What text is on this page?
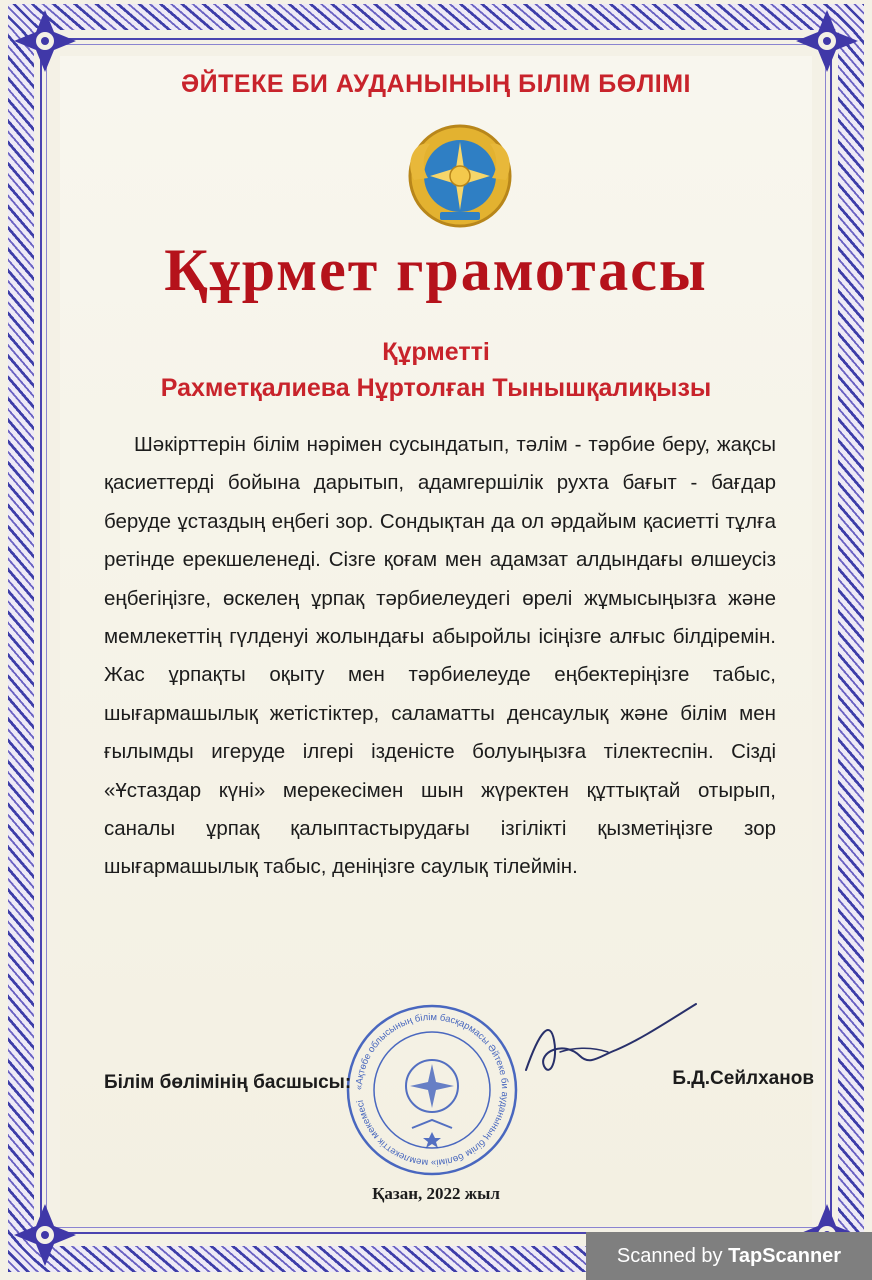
ӘЙТЕКЕ БИ АУДАНЫНЫҢ БІЛІМ БӨЛІМІ
Құрмет грамотасы
Құрметті
Рахметқалиева Нұртолған Тынышқалиқызы
Шәкірттерін білім нәрімен сусындатып, тәлім - тәрбие беру, жақсы қасиеттерді бойына дарытып, адамгершілік рухта бағыт - бағдар беруде ұстаздың еңбегі зор. Сондықтан да ол әрдайым қасиетті тұлға ретінде ерекшеленеді. Сізге қоғам мен адамзат алдындағы өлшеусіз еңбегіңізге, өскелең ұрпақ тәрбиелеудегі өрелі жұмысыңызға және мемлекеттің гүлденуі жолындағы абыройлы ісіңізге алғыс білдіремін. Жас ұрпақты оқыту мен тәрбиелеуде еңбектеріңізге табыс, шығармашылық жетістіктер, саламатты денсаулық және білім мен ғылымды игеруде ілгері ізденісте болуыңызға тілектеспін. Сізді «Ұстаздар күні» мерекесімен шын жүректен құттықтай отырып, саналы ұрпақ қалыптастырудағы ізгілікті қызметіңізге зор шығармашылық табыс, деніңізге саулық тілеймін.
«Ақтөбе облысының білім басқармасы Әйтеке би ауданының білім бөлімі» мемлекеттік мекемесі
Білім бөлімінің басшысы:	Б.Д.Сейлханов
Қазан, 2022 жыл
Scanned by TapScanner
